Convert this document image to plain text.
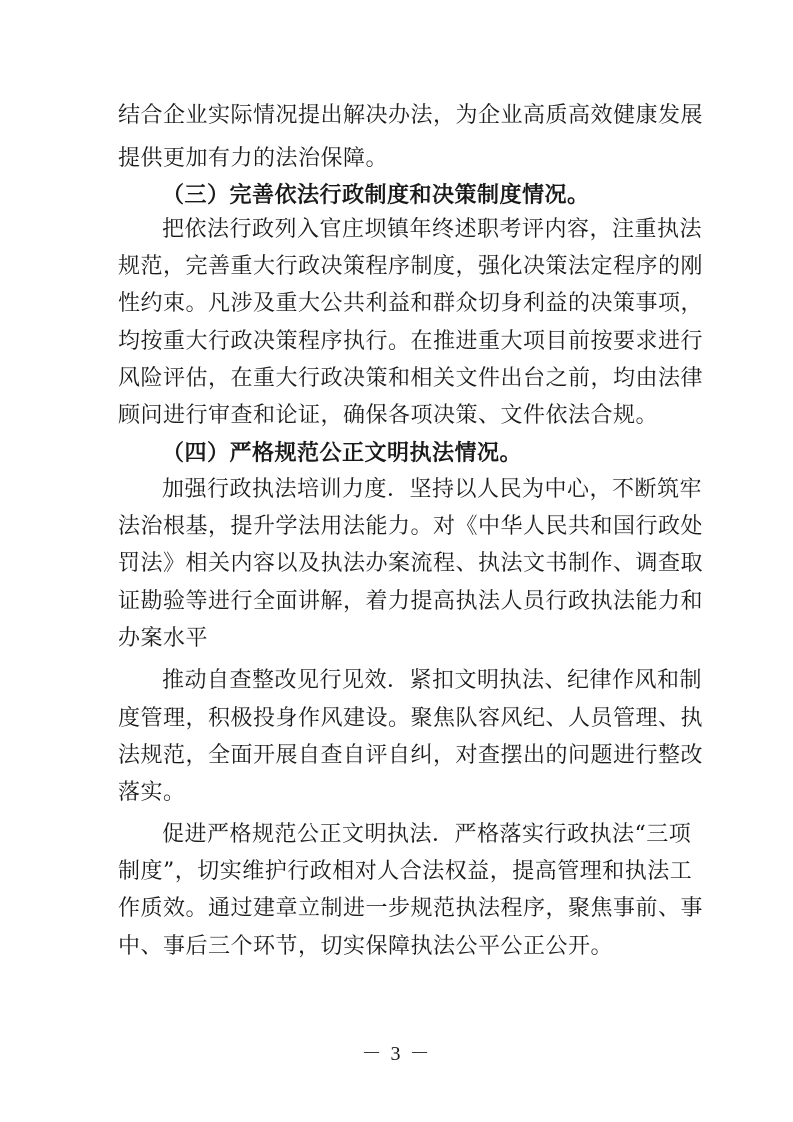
结合企业实际情况提出解决办法，为企业高质高效健康发展
提供更加有力的法治保障。
（三）完善依法行政制度和决策制度情况。
把依法行政列入官庄坝镇年终述职考评内容，注重执法
规范，完善重大行政决策程序制度，强化决策法定程序的刚
性约束。凡涉及重大公共利益和群众切身利益的决策事项，
均按重大行政决策程序执行。在推进重大项目前按要求进行
风险评估，在重大行政决策和相关文件出台之前，均由法律
顾问进行审查和论证，确保各项决策、文件依法合规。
（四）严格规范公正文明执法情况。
加强行政执法培训力度．坚持以人民为中心，不断筑牢
法治根基，提升学法用法能力。对《中华人民共和国行政处
罚法》相关内容以及执法办案流程、执法文书制作、调查取
证勘验等进行全面讲解，着力提高执法人员行政执法能力和
办案水平
推动自查整改见行见效．紧扣文明执法、纪律作风和制
度管理，积极投身作风建设。聚焦队容风纪、人员管理、执
法规范，全面开展自查自评自纠，对查摆出的问题进行整改
落实。
促进严格规范公正文明执法．严格落实行政执法“三项
制度”，切实维护行政相对人合法权益，提高管理和执法工
作质效。通过建章立制进一步规范执法程序，聚焦事前、事
中、事后三个环节，切实保障执法公平公正公开。
－ 3 －
